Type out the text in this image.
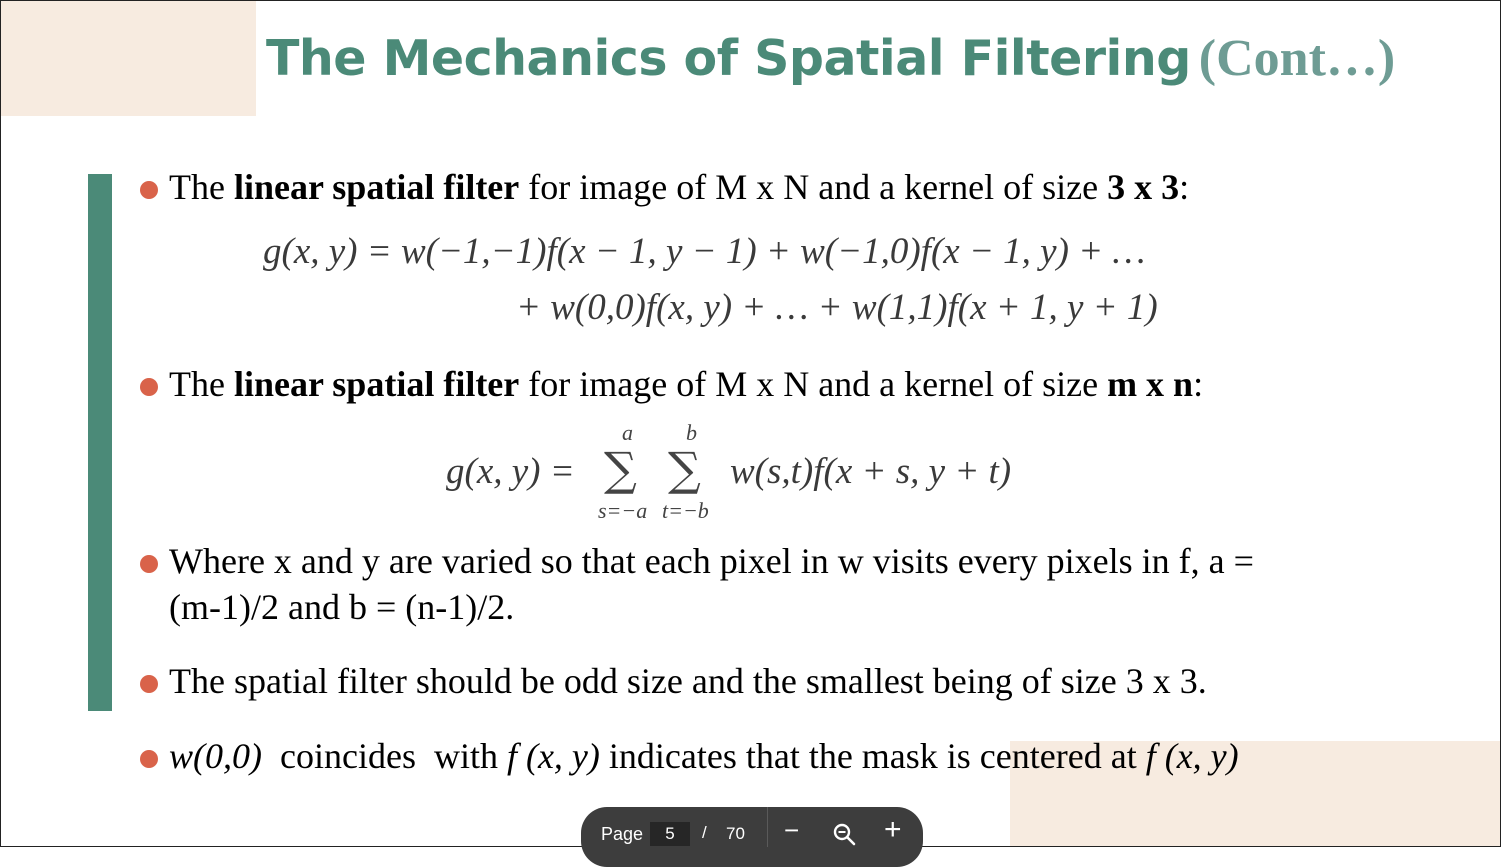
The Mechanics of Spatial Filtering (Cont…)
The linear spatial filter for image of M x N and a kernel of size 3 x 3:
g(x, y) = w(−1,−1)f(x − 1, y − 1) + w(−1,0)f(x − 1, y) + …
+ w(0,0)f(x, y) + … + w(1,1)f(x + 1, y + 1)
The linear spatial filter for image of M x N and a kernel of size m x n:
g(x, y) =
a
∑
s=−a
b
∑
t=−b
w(s,t)f(x + s, y + t)
Where x and y are varied so that each pixel in w visits every pixels in f, a =
(m-1)/2 and b = (n-1)/2.
The spatial filter should be odd size and the smallest being of size 3 x 3.
w(0,0)  coincides  with f (x, y) indicates that the mask is centered at f (x, y)
Page	5	/ 70 −	+
